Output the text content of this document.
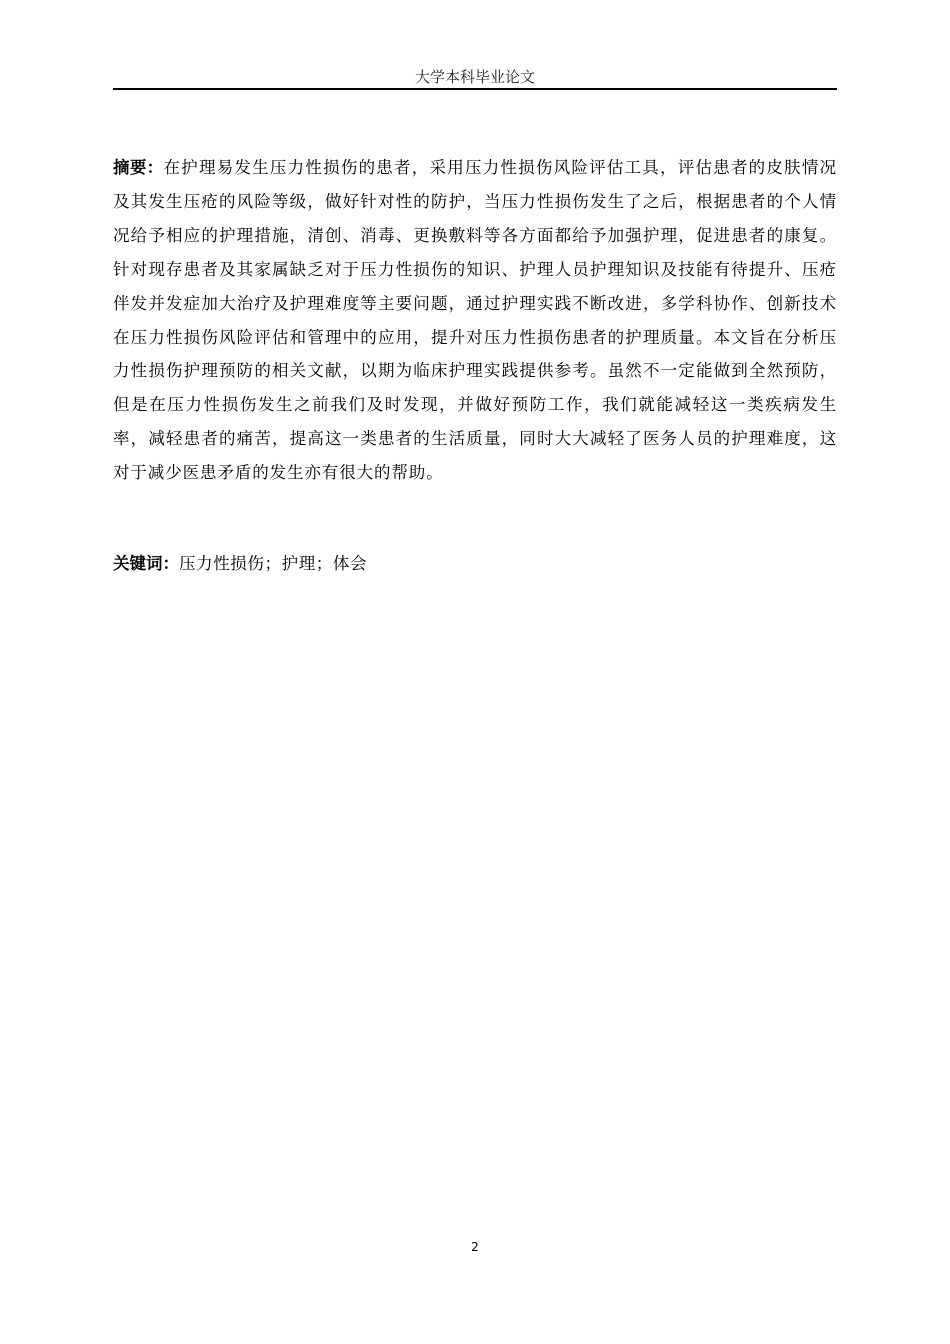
大学本科毕业论文

摘要：在护理易发生压力性损伤的患者，采用压力性损伤风险评估工具，评估患者的皮肤情况及其发生压疮的风险等级，做好针对性的防护，当压力性损伤发生了之后，根据患者的个人情况给予相应的护理措施，清创、消毒、更换敷料等各方面都给予加强护理，促进患者的康复。针对现存患者及其家属缺乏对于压力性损伤的知识、护理人员护理知识及技能有待提升、压疮伴发并发症加大治疗及护理难度等主要问题，通过护理实践不断改进，多学科协作、创新技术在压力性损伤风险评估和管理中的应用，提升对压力性损伤患者的护理质量。本文旨在分析压力性损伤护理预防的相关文献，以期为临床护理实践提供参考。虽然不一定能做到全然预防，但是在压力性损伤发生之前我们及时发现，并做好预防工作，我们就能减轻这一类疾病发生率，减轻患者的痛苦，提高这一类患者的生活质量，同时大大减轻了医务人员的护理难度，这对于减少医患矛盾的发生亦有很大的帮助。

关键词：压力性损伤；护理；体会

2
